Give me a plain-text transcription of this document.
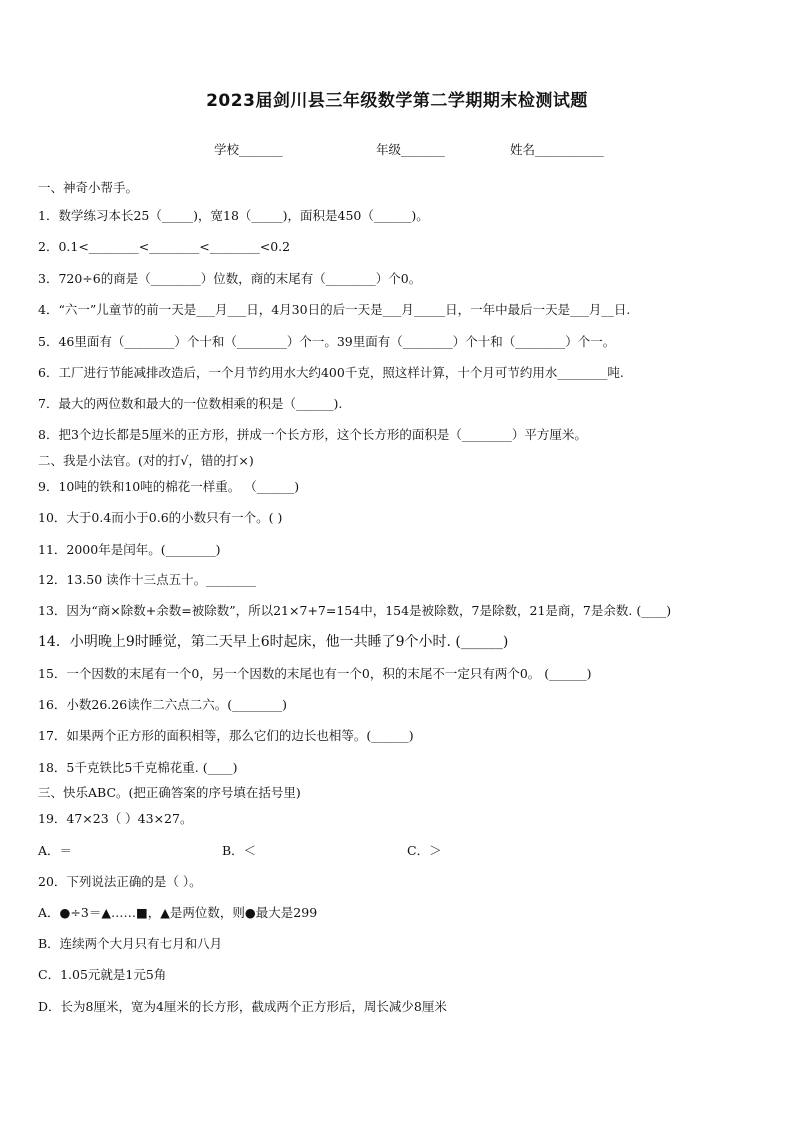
2023届剑川县三年级数学第二学期期末检测试题
学校_______	年级_______	姓名___________
一、神奇小帮手。
1．数学练习本长25（_____)，宽18（_____)，面积是450（______)。
2．0.1<________<________<________<0.2
3．720÷6的商是（________）位数，商的末尾有（________）个0。
4．“六一”儿童节的前一天是___月___日，4月30日的后一天是___月_____日，一年中最后一天是___月__日.
5．46里面有（________）个十和（________）个一。39里面有（________）个十和（________）个一。
6．工厂进行节能减排改造后，一个月节约用水大约400千克，照这样计算，十个月可节约用水________吨.
7．最大的两位数和最大的一位数相乘的积是（______).
8．把3个边长都是5厘米的正方形，拼成一个长方形，这个长方形的面积是（________）平方厘米。
二、我是小法官。(对的打√，错的打×)
9．10吨的铁和10吨的棉花一样重。 （______)
10．大于0.4而小于0.6的小数只有一个。( )
11．2000年是闰年。(________)
12．13.50 读作十三点五十。________
13．因为“商×除数+余数=被除数”，所以21×7+7=154中，154是被除数，7是除数，21是商，7是余数. (____)
14．小明晚上9时睡觉，第二天早上6时起床，他一共睡了9个小时. (______)
15．一个因数的末尾有一个0，另一个因数的末尾也有一个0，积的末尾不一定只有两个0。 (______)
16．小数26.26读作二六点二六。(________)
17．如果两个正方形的面积相等，那么它们的边长也相等。(______)
18．5千克铁比5千克棉花重. (____)
三、快乐ABC。(把正确答案的序号填在括号里)
19．47×23（ ）43×27。
A．＝	B．＜	C．＞
20．下列说法正确的是（ ）。
A．●÷3＝▲……■，▲是两位数，则●最大是299
B．连续两个大月只有七月和八月
C．1.05元就是1元5角
D．长为8厘米，宽为4厘米的长方形，截成两个正方形后，周长减少8厘米
